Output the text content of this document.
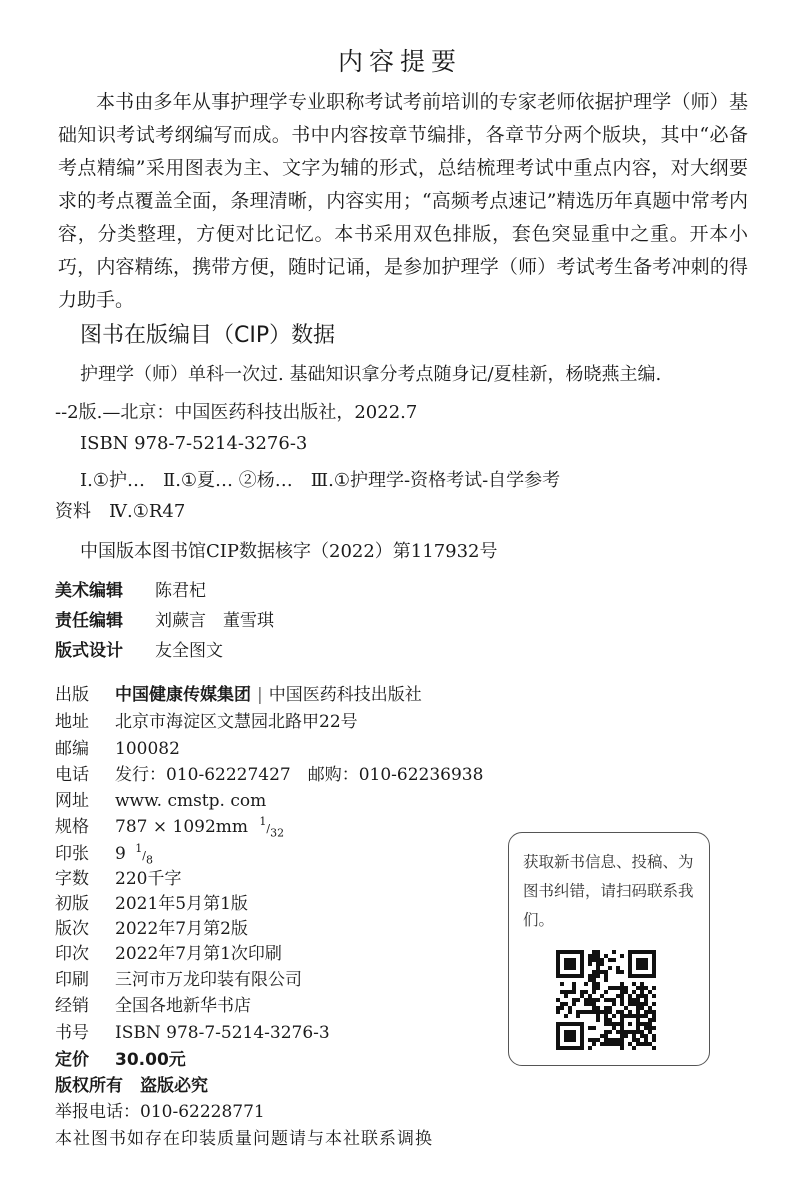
内容提要
本书由多年从事护理学专业职称考试考前培训的专家老师依据护理学（师）基础知识考试考纲编写而成。书中内容按章节编排，各章节分两个版块，其中“必备考点精编”采用图表为主、文字为辅的形式，总结梳理考试中重点内容，对大纲要求的考点覆盖全面，条理清晰，内容实用；“高频考点速记”精选历年真题中常考内容，分类整理，方便对比记忆。本书采用双色排版，套色突显重中之重。开本小巧，内容精练，携带方便，随时记诵，是参加护理学（师）考试考生备考冲刺的得力助手。
图书在版编目（CIP）数据
护理学（师）单科一次过. 基础知识拿分考点随身记/夏桂新，杨晓燕主编.
--2版.—北京：中国医药科技出版社，2022.7
ISBN 978-7-5214-3276-3
Ⅰ.①护…　Ⅱ.①夏… ②杨…　Ⅲ.①护理学-资格考试-自学参考
资料　Ⅳ.①R47
中国版本图书馆CIP数据核字（2022）第117932号
美术编辑 陈君杞
责任编辑 刘蕨言　董雪琪
版式设计 友全图文
出版 中国健康传媒集团 | 中国医药科技出版社
地址 北京市海淀区文慧园北路甲22号
邮编 100082
电话 发行：010-62227427　邮购：010-62236938
网址 www. cmstp. com
规格 787 × 1092mm $^1/_{32}$
印张 9 $^1/_8$
字数 220千字
初版 2021年5月第1版
版次 2022年7月第2版
印次 2022年7月第1次印刷
印刷 三河市万龙印装有限公司
经销 全国各地新华书店
书号 ISBN 978-7-5214-3276-3
定价 30.00元
版权所有　盗版必究
举报电话：010-62228771
获取新书信息、投稿、为图书纠错，请扫码联系我们。
本社图书如存在印装质量问题请与本社联系调换
